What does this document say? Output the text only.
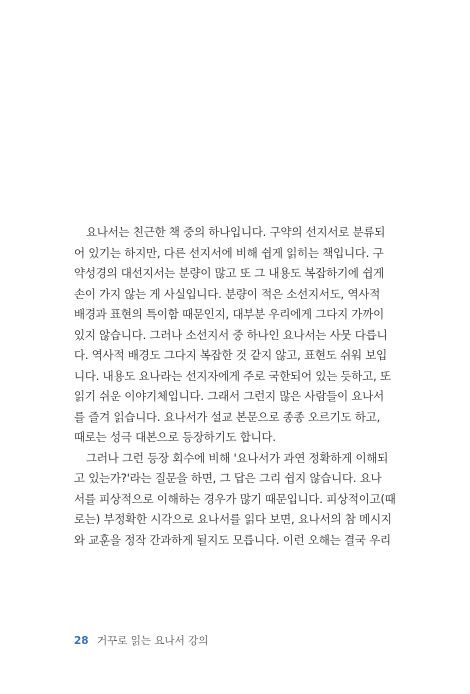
요나서는 친근한 책 중의 하나입니다. 구약의 선지서로 분류되
어 있기는 하지만, 다른 선지서에 비해 쉽게 읽히는 책입니다. 구
약성경의 대선지서는 분량이 많고 또 그 내용도 복잡하기에 쉽게
손이 가지 않는 게 사실입니다. 분량이 적은 소선지서도, 역사적
배경과 표현의 특이함 때문인지, 대부분 우리에게 그다지 가까이
있지 않습니다. 그러나 소선지서 중 하나인 요나서는 사뭇 다릅니
다. 역사적 배경도 그다지 복잡한 것 같지 않고, 표현도 쉬워 보입
니다. 내용도 요나라는 선지자에게 주로 국한되어 있는 듯하고, 또
읽기 쉬운 이야기체입니다. 그래서 그런지 많은 사람들이 요나서
를 즐겨 읽습니다. 요나서가 설교 본문으로 종종 오르기도 하고,
때로는 성극 대본으로 등장하기도 합니다.
그러나 그런 등장 회수에 비해 '요나서가 과연 정확하게 이해되
고 있는가?'라는 질문을 하면, 그 답은 그리 쉽지 않습니다. 요나
서를 피상적으로 이해하는 경우가 많기 때문입니다. 피상적이고(때
로는) 부정확한 시각으로 요나서를 읽다 보면, 요나서의 참 메시지
와 교훈을 정작 간과하게 될지도 모릅니다. 이런 오해는 결국 우리
28 거꾸로 읽는 요나서 강의
